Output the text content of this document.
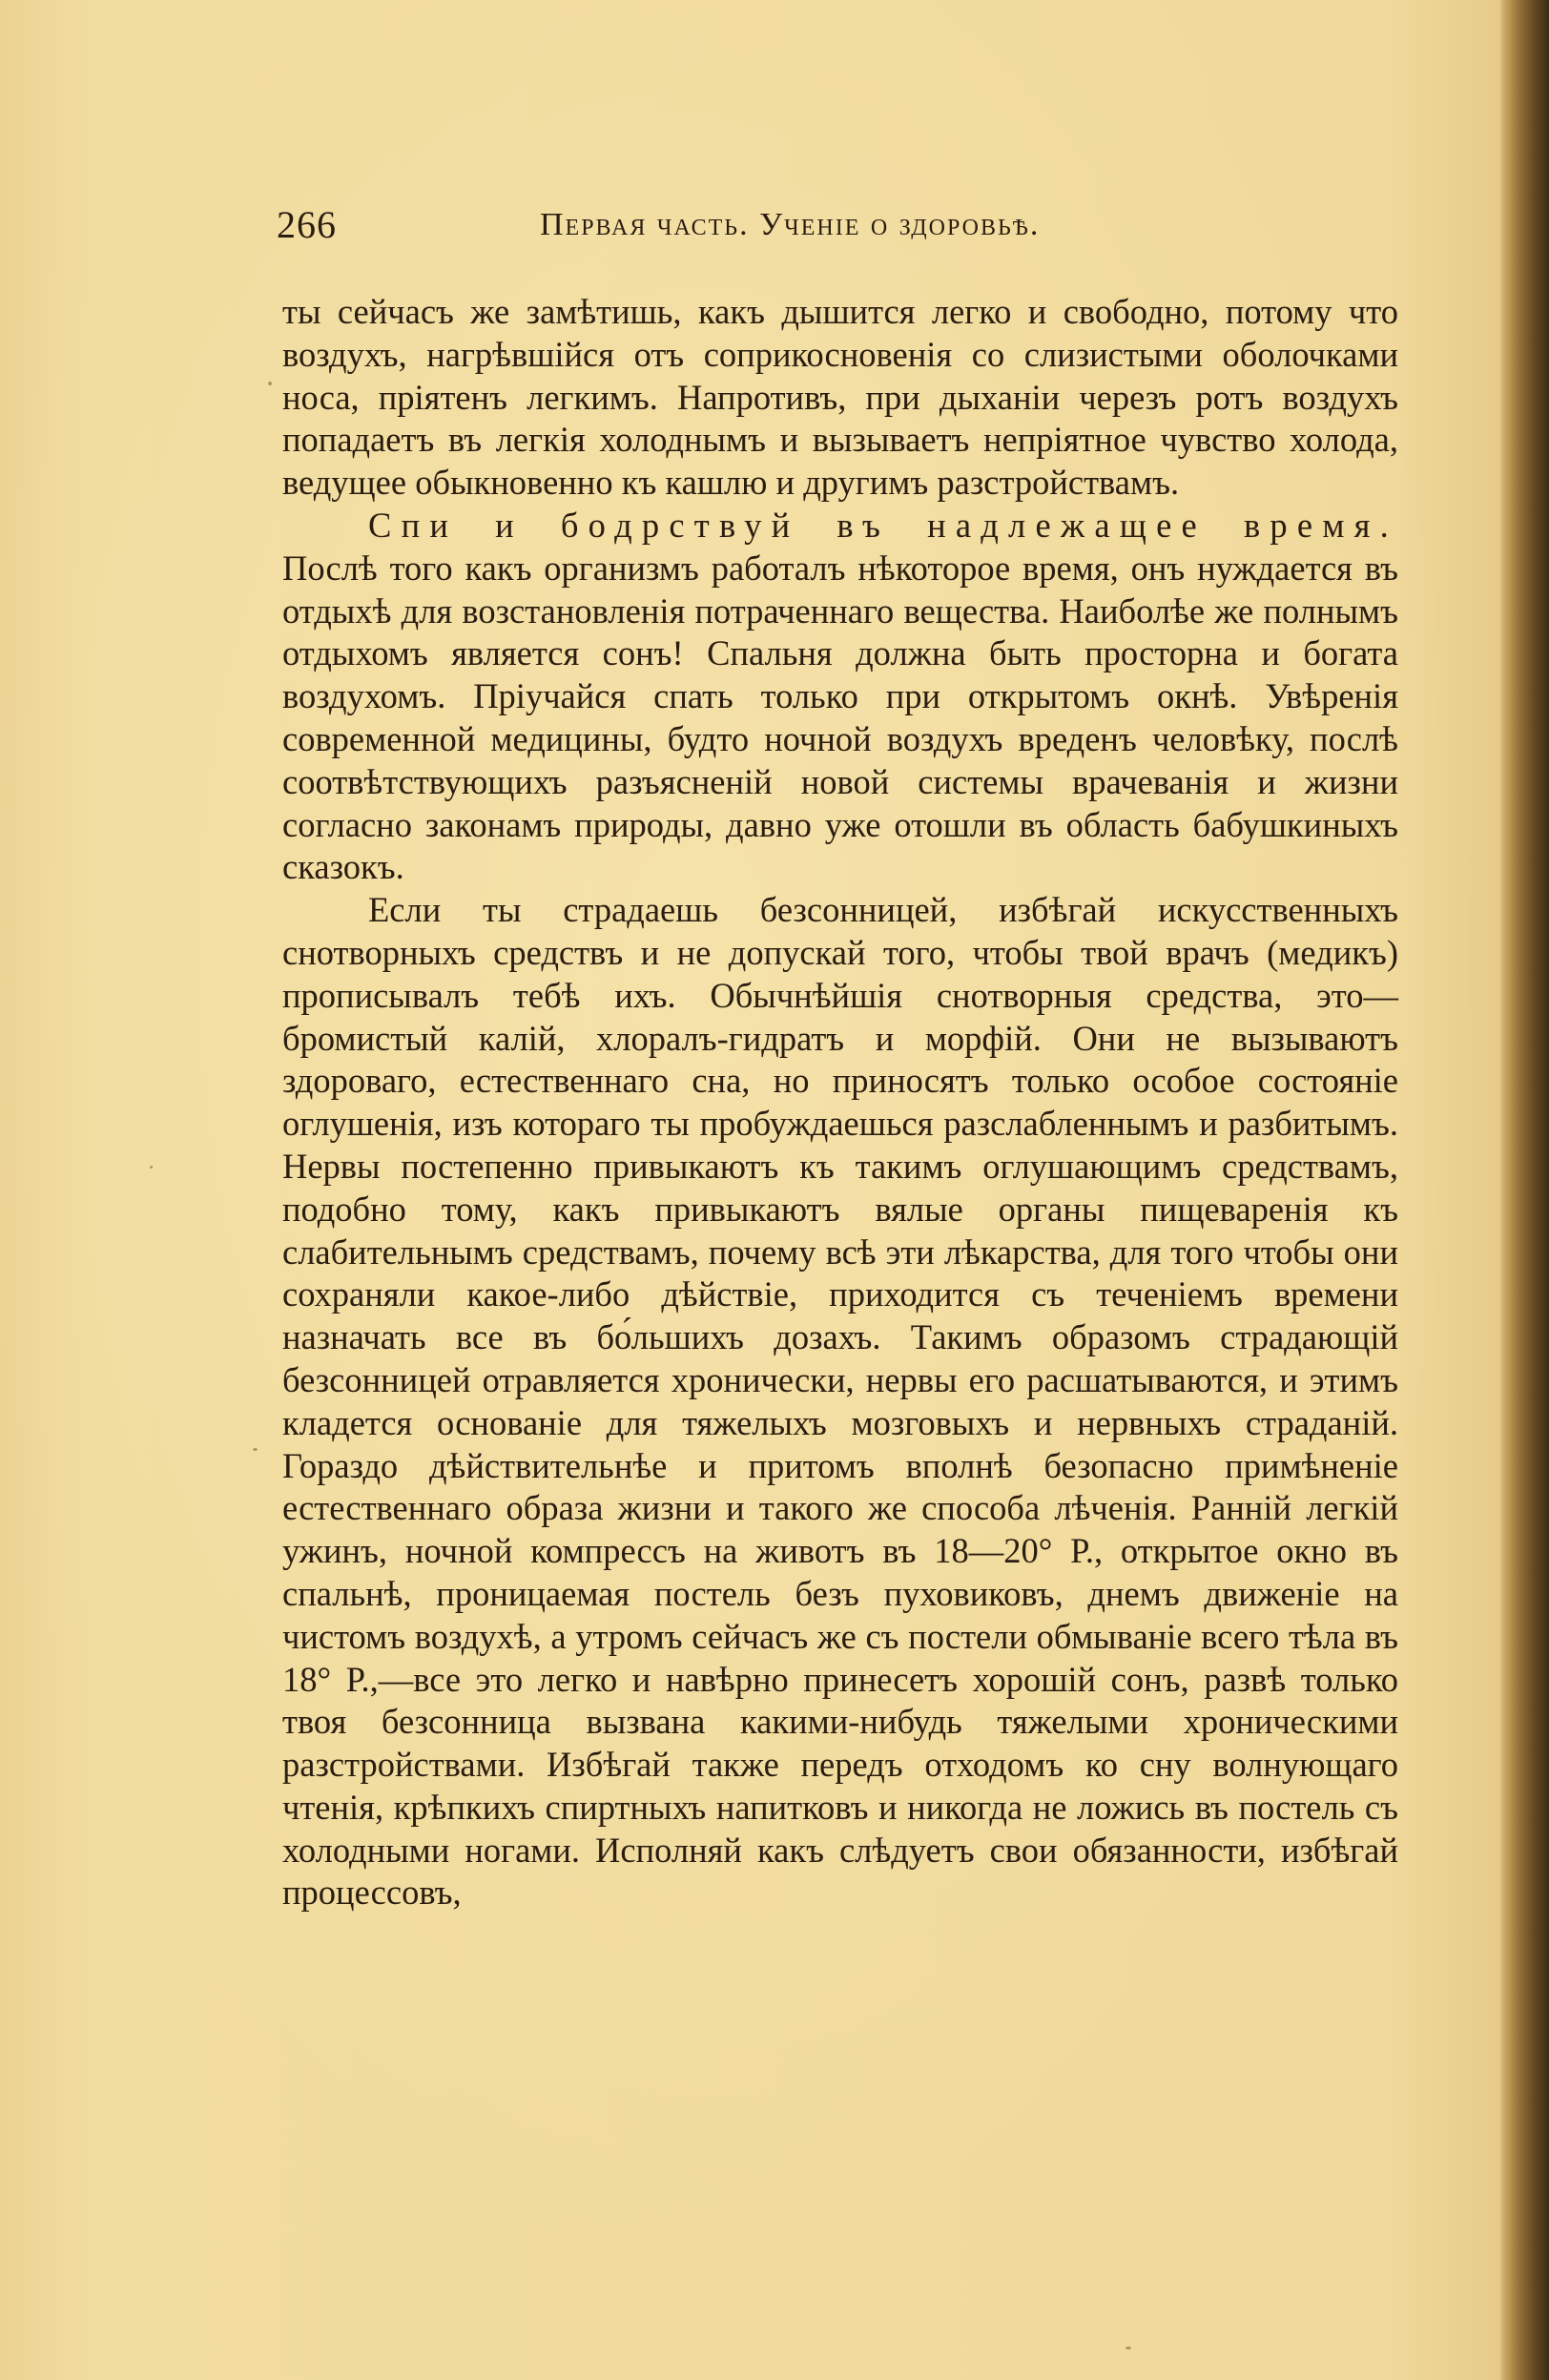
266	Первая часть. Ученіе о здоровьѣ.

ты сейчасъ же замѣтишь, какъ дышится легко и свободно, потому что воздухъ, нагрѣвшійся отъ соприкосновенія со слизистыми оболочками носа, пріятенъ легкимъ. Напротивъ, при дыханіи черезъ ротъ воздухъ попадаетъ въ легкія холоднымъ и вызываетъ непріятное чувство холода, ведущее обыкновенно къ кашлю и другимъ разстройствамъ.

Спи и бодрствуй въ надлежащее время. Послѣ того какъ организмъ работалъ нѣкоторое время, онъ нуждается въ отдыхѣ для возстановленія потраченнаго вещества. Наиболѣе же полнымъ отдыхомъ является сонъ! Спальня должна быть просторна и богата воздухомъ. Пріучайся спать только при открытомъ окнѣ. Увѣренія современной медицины, будто ночной воздухъ вреденъ человѣку, послѣ соотвѣтствующихъ разъясненій новой системы врачеванія и жизни согласно законамъ природы, давно уже отошли въ область бабушкиныхъ сказокъ.

Если ты страдаешь безсонницей, избѣгай искусственныхъ снотворныхъ средствъ и не допускай того, чтобы твой врачъ (медикъ) прописывалъ тебѣ ихъ. Обычнѣйшія снотворныя средства, это—бромистый калій, хлоралъ-гидратъ и морфій. Они не вызываютъ здороваго, естественнаго сна, но приносятъ только особое состояніе оглушенія, изъ котораго ты пробуждаешься разслабленнымъ и разбитымъ. Нервы постепенно привыкаютъ къ такимъ оглушающимъ средствамъ, подобно тому, какъ привыкаютъ вялые органы пищеваренія къ слабительнымъ средствамъ, почему всѣ эти лѣкарства, для того чтобы они сохраняли какое-либо дѣйствіе, приходится съ теченіемъ времени назначать все въ бо́льшихъ дозахъ. Такимъ образомъ страдающій безсонницей отравляется хронически, нервы его расшатываются, и этимъ кладется основаніе для тяжелыхъ мозговыхъ и нервныхъ страданій. Гораздо дѣйствительнѣе и притомъ вполнѣ безопасно примѣненіе естественнаго образа жизни и такого же способа лѣченія. Ранній легкій ужинъ, ночной компрессъ на животъ въ 18—20° Р., открытое окно въ спальнѣ, проницаемая постель безъ пуховиковъ, днемъ движеніе на чистомъ воздухѣ, а утромъ сейчасъ же съ постели обмываніе всего тѣла въ 18° Р.,—все это легко и навѣрно принесетъ хорошій сонъ, развѣ только твоя безсонница вызвана какими-нибудь тяжелыми хроническими разстройствами. Избѣгай также передъ отходомъ ко сну волнующаго чтенія, крѣпкихъ спиртныхъ напитковъ и никогда не ложись въ постель съ холодными ногами. Исполняй какъ слѣдуетъ свои обязанности, избѣгай процессовъ,
